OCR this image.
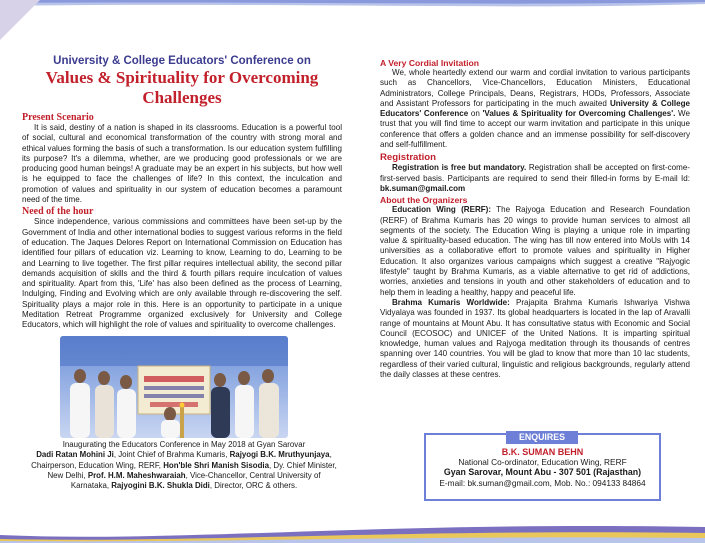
University & College Educators' Conference on
Values & Spirituality for Overcoming Challenges
Present Scenario

It is said, destiny of a nation is shaped in its classrooms. Education is a powerful tool of social, cultural and economical transformation of the country with strong moral and ethical values forming the basis of such a transformation. Is our education system fulfilling its purpose? It's a dilemma, whether, are we producing good professionals or we are producing good human beings! A graduate may be an expert in his subjects, but how well is he equipped to face the challenges of life? In this context, the inculcation and promotion of values and spirituality in our system of education becomes a paramount need of the time.

Need of the hour

Since independence, various commissions and committees have been set-up by the Government of India and other international bodies to suggest various reforms in the field of education. The Jaques Delores Report on International Commission on Education has identified four pillars of education viz. Learning to know, Learning to do, Learning to be and Learning to live together. The first pillar requires intellectual ability, the second pillar demands acquisition of skills and the third & fourth pillars require inculcation of values and spirituality. Apart from this, 'Life' has also been defined as the process of Learning, Indulging, Finding and Evolving which are only available through re-discovering the self. Spirituality plays a major role in this. Here is an opportunity to participate in a unique Meditation Retreat Programme organized exclusively for University and College Educators, which will highlight the role of values and spirituality to overcome challenges.

Inaugurating the Educators Conference in May 2018 at Gyan Sarovar
Dadi Ratan Mohini Ji, Joint Chief of Brahma Kumaris, Rajyogi B.K. Mruthyunjaya,
Chairperson, Education Wing, RERF, Hon'ble Shri Manish Sisodia, Dy. Chief Minister,
New Delhi, Prof. H.M. Maheshwaraiah, Vice-Chancellor, Central University of
Karnataka, Rajyogini B.K. Shukla Didi, Director, ORC & others.
A Very Cordial Invitation

We, whole heartedly extend our warm and cordial invitation to various participants such as Chancellors, Vice-Chancellors, Education Ministers, Educational Administrators, College Principals, Deans, Registrars, HODs, Professors, Associate and Assistant Professors for participating in the much awaited University & College Educators' Conference on 'Values & Spirituality for Overcoming Challenges'. We trust that you will find time to accept our warm invitation and participate in this unique conference that offers a golden chance and an immense possibility for self-discovery and self-fulfillment.

Registration

Registration is free but mandatory. Registration shall be accepted on first-come-first-served basis. Participants are required to send their filled-in forms by E-mail Id: bk.suman@gmail.com

About the Organizers

Education Wing (RERF): The Rajyoga Education and Research Foundation (RERF) of Brahma Kumaris has 20 wings to provide human services to almost all segments of the society. The Education Wing is playing a unique role in imparting value & spirituality-based education. The wing has till now entered into MoUs with 14 universities as a collaborative effort to promote values and spirituality in Higher Education. It also organizes various campaigns which suggest a creative "Rajyogic lifestyle" taught by Brahma Kumaris, as a viable alternative to get rid of addictions, worries, anxieties and tensions in youth and other stakeholders of education and to help them in leading a healthy, happy and peaceful life.

Brahma Kumaris Worldwide: Prajapita Brahma Kumaris Ishwariya Vishwa Vidyalaya was founded in 1937. Its global headquarters is located in the lap of Aravalli range of mountains at Mount Abu. It has consultative status with Economic and Social Council (ECOSOC) and UNICEF of the United Nations. It is imparting spiritual knowledge, human values and Rajyoga meditation through its thousands of centres spanning over 140 countries. You will be glad to know that more than 10 lac students, regardless of their varied cultural, linguistic and religious backgrounds, regularly attend the daily classes at these centres.

ENQUIRES
B.K. SUMAN BEHN
National Co-ordinator, Education Wing, RERF
Gyan Sarovar, Mount Abu - 307 501 (Rajasthan)
E-mail: bk.suman@gmail.com, Mob. No.: 094133 84864
